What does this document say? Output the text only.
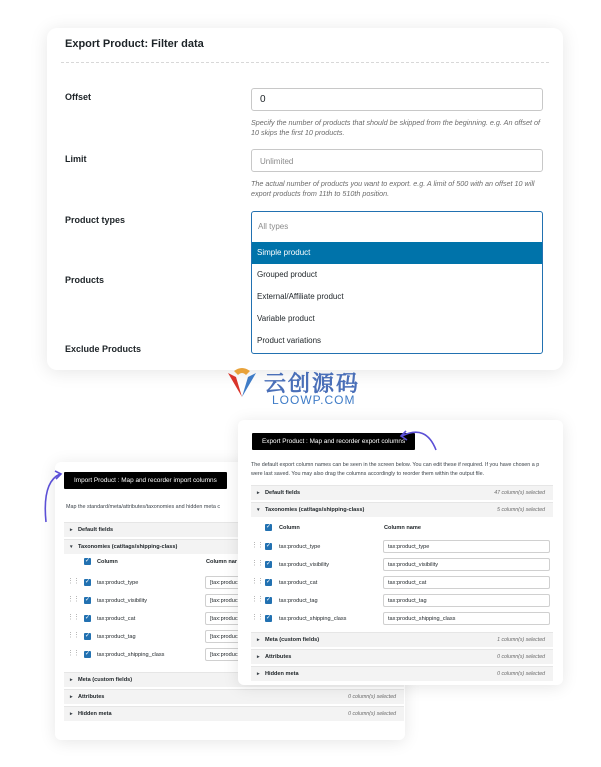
Export Product: Filter data
Offset	0
Specify the number of products that should be skipped from the beginning. e.g. An offset of 10 skips the first 10 products.
Limit	Unlimited
The actual number of products you want to export. e.g. A limit of 500 with an offset 10 will export products from 11th to 510th position.
Product types
All types
Simple product
Grouped product
External/Affiliate product
Variable product
Product variations
Products
Exclude Products
云创源码
LOOWP.COM
Import Product : Map and recorder import columns
Map the standard/meta/attributes/taxonomies and hidden meta c
▸ Default fields
▾ Taxonomies (cat/tags/shipping-class)
✓ Column	Column nar
⋮⋮ ✓ tax:product_type	[tax:produc
⋮⋮ ✓ tax:product_visibility	[tax:produc
⋮⋮ ✓ tax:product_cat	[tax:produc
⋮⋮ ✓ tax:product_tag	[tax:produc
⋮⋮ ✓ tax:product_shipping_class	[tax:produc
▸ Meta (custom fields)
▸ Attributes	0 column(s) selected
▸ Hidden meta	0 column(s) selected
Export Product : Map and recorder export columns
The default export column names can be seen in the screen below. You can edit these if required. If you have chosen a p
were last saved. You may also drag the columns accordingly to reorder them within the output file.
▸ Default fields	47 column(s) selected
▾ Taxonomies (cat/tags/shipping-class)	5 column(s) selected
✓ Column	Column name
⋮⋮ ✓ tax:product_type	tax:product_type
⋮⋮ ✓ tax:product_visibility	tax:product_visibility
⋮⋮ ✓ tax:product_cat	tax:product_cat
⋮⋮ ✓ tax:product_tag	tax:product_tag
⋮⋮ ✓ tax:product_shipping_class	tax:product_shipping_class
▸ Meta (custom fields)	1 column(s) selected
▸ Attributes	0 column(s) selected
▸ Hidden meta	0 column(s) selected
